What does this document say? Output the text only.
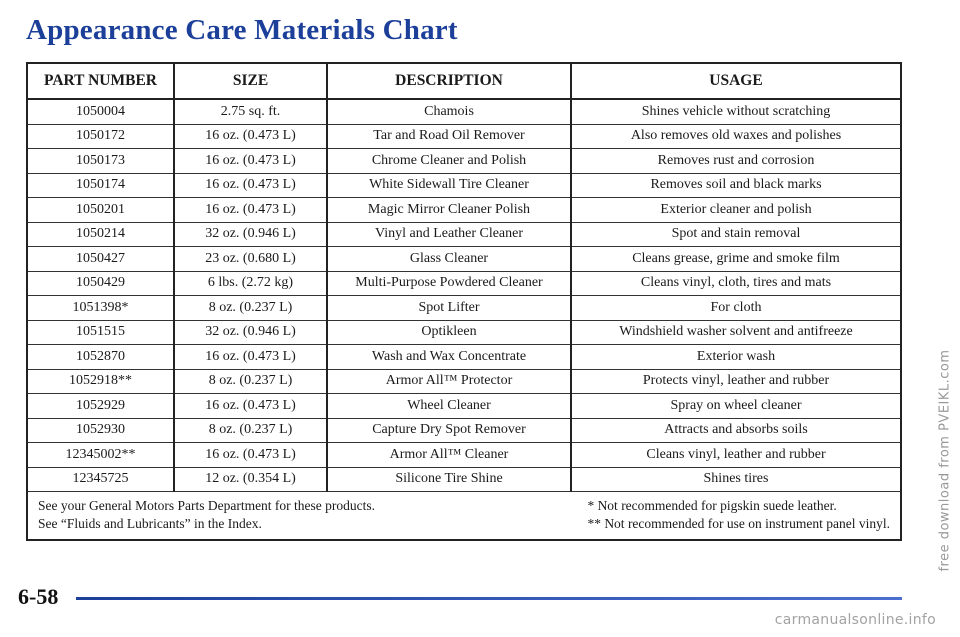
Appearance Care Materials Chart
PART NUMBER	SIZE	DESCRIPTION	USAGE
1050004	2.75 sq. ft.	Chamois	Shines vehicle without scratching
1050172	16 oz. (0.473 L)	Tar and Road Oil Remover	Also removes old waxes and polishes
1050173	16 oz. (0.473 L)	Chrome Cleaner and Polish	Removes rust and corrosion
1050174	16 oz. (0.473 L)	White Sidewall Tire Cleaner	Removes soil and black marks
1050201	16 oz. (0.473 L)	Magic Mirror Cleaner Polish	Exterior cleaner and polish
1050214	32 oz. (0.946 L)	Vinyl and Leather Cleaner	Spot and stain removal
1050427	23 oz. (0.680 L)	Glass Cleaner	Cleans grease, grime and smoke film
1050429	6 lbs. (2.72 kg)	Multi-Purpose Powdered Cleaner	Cleans vinyl, cloth, tires and mats
1051398*	8 oz. (0.237 L)	Spot Lifter	For cloth
1051515	32 oz. (0.946 L)	Optikleen	Windshield washer solvent and antifreeze
1052870	16 oz. (0.473 L)	Wash and Wax Concentrate	Exterior wash
1052918**	8 oz. (0.237 L)	Armor All™ Protector	Protects vinyl, leather and rubber
1052929	16 oz. (0.473 L)	Wheel Cleaner	Spray on wheel cleaner
1052930	8 oz. (0.237 L)	Capture Dry Spot Remover	Attracts and absorbs soils
12345002**	16 oz. (0.473 L)	Armor All™ Cleaner	Cleans vinyl, leather and rubber
12345725	12 oz. (0.354 L)	Silicone Tire Shine	Shines tires
See your General Motors Parts Department for these products.
See “Fluids and Lubricants” in the Index.
* Not recommended for pigskin suede leather.
** Not recommended for use on instrument panel vinyl.
6-58
free download from PVEIKL.com
carmanualsonline.info
